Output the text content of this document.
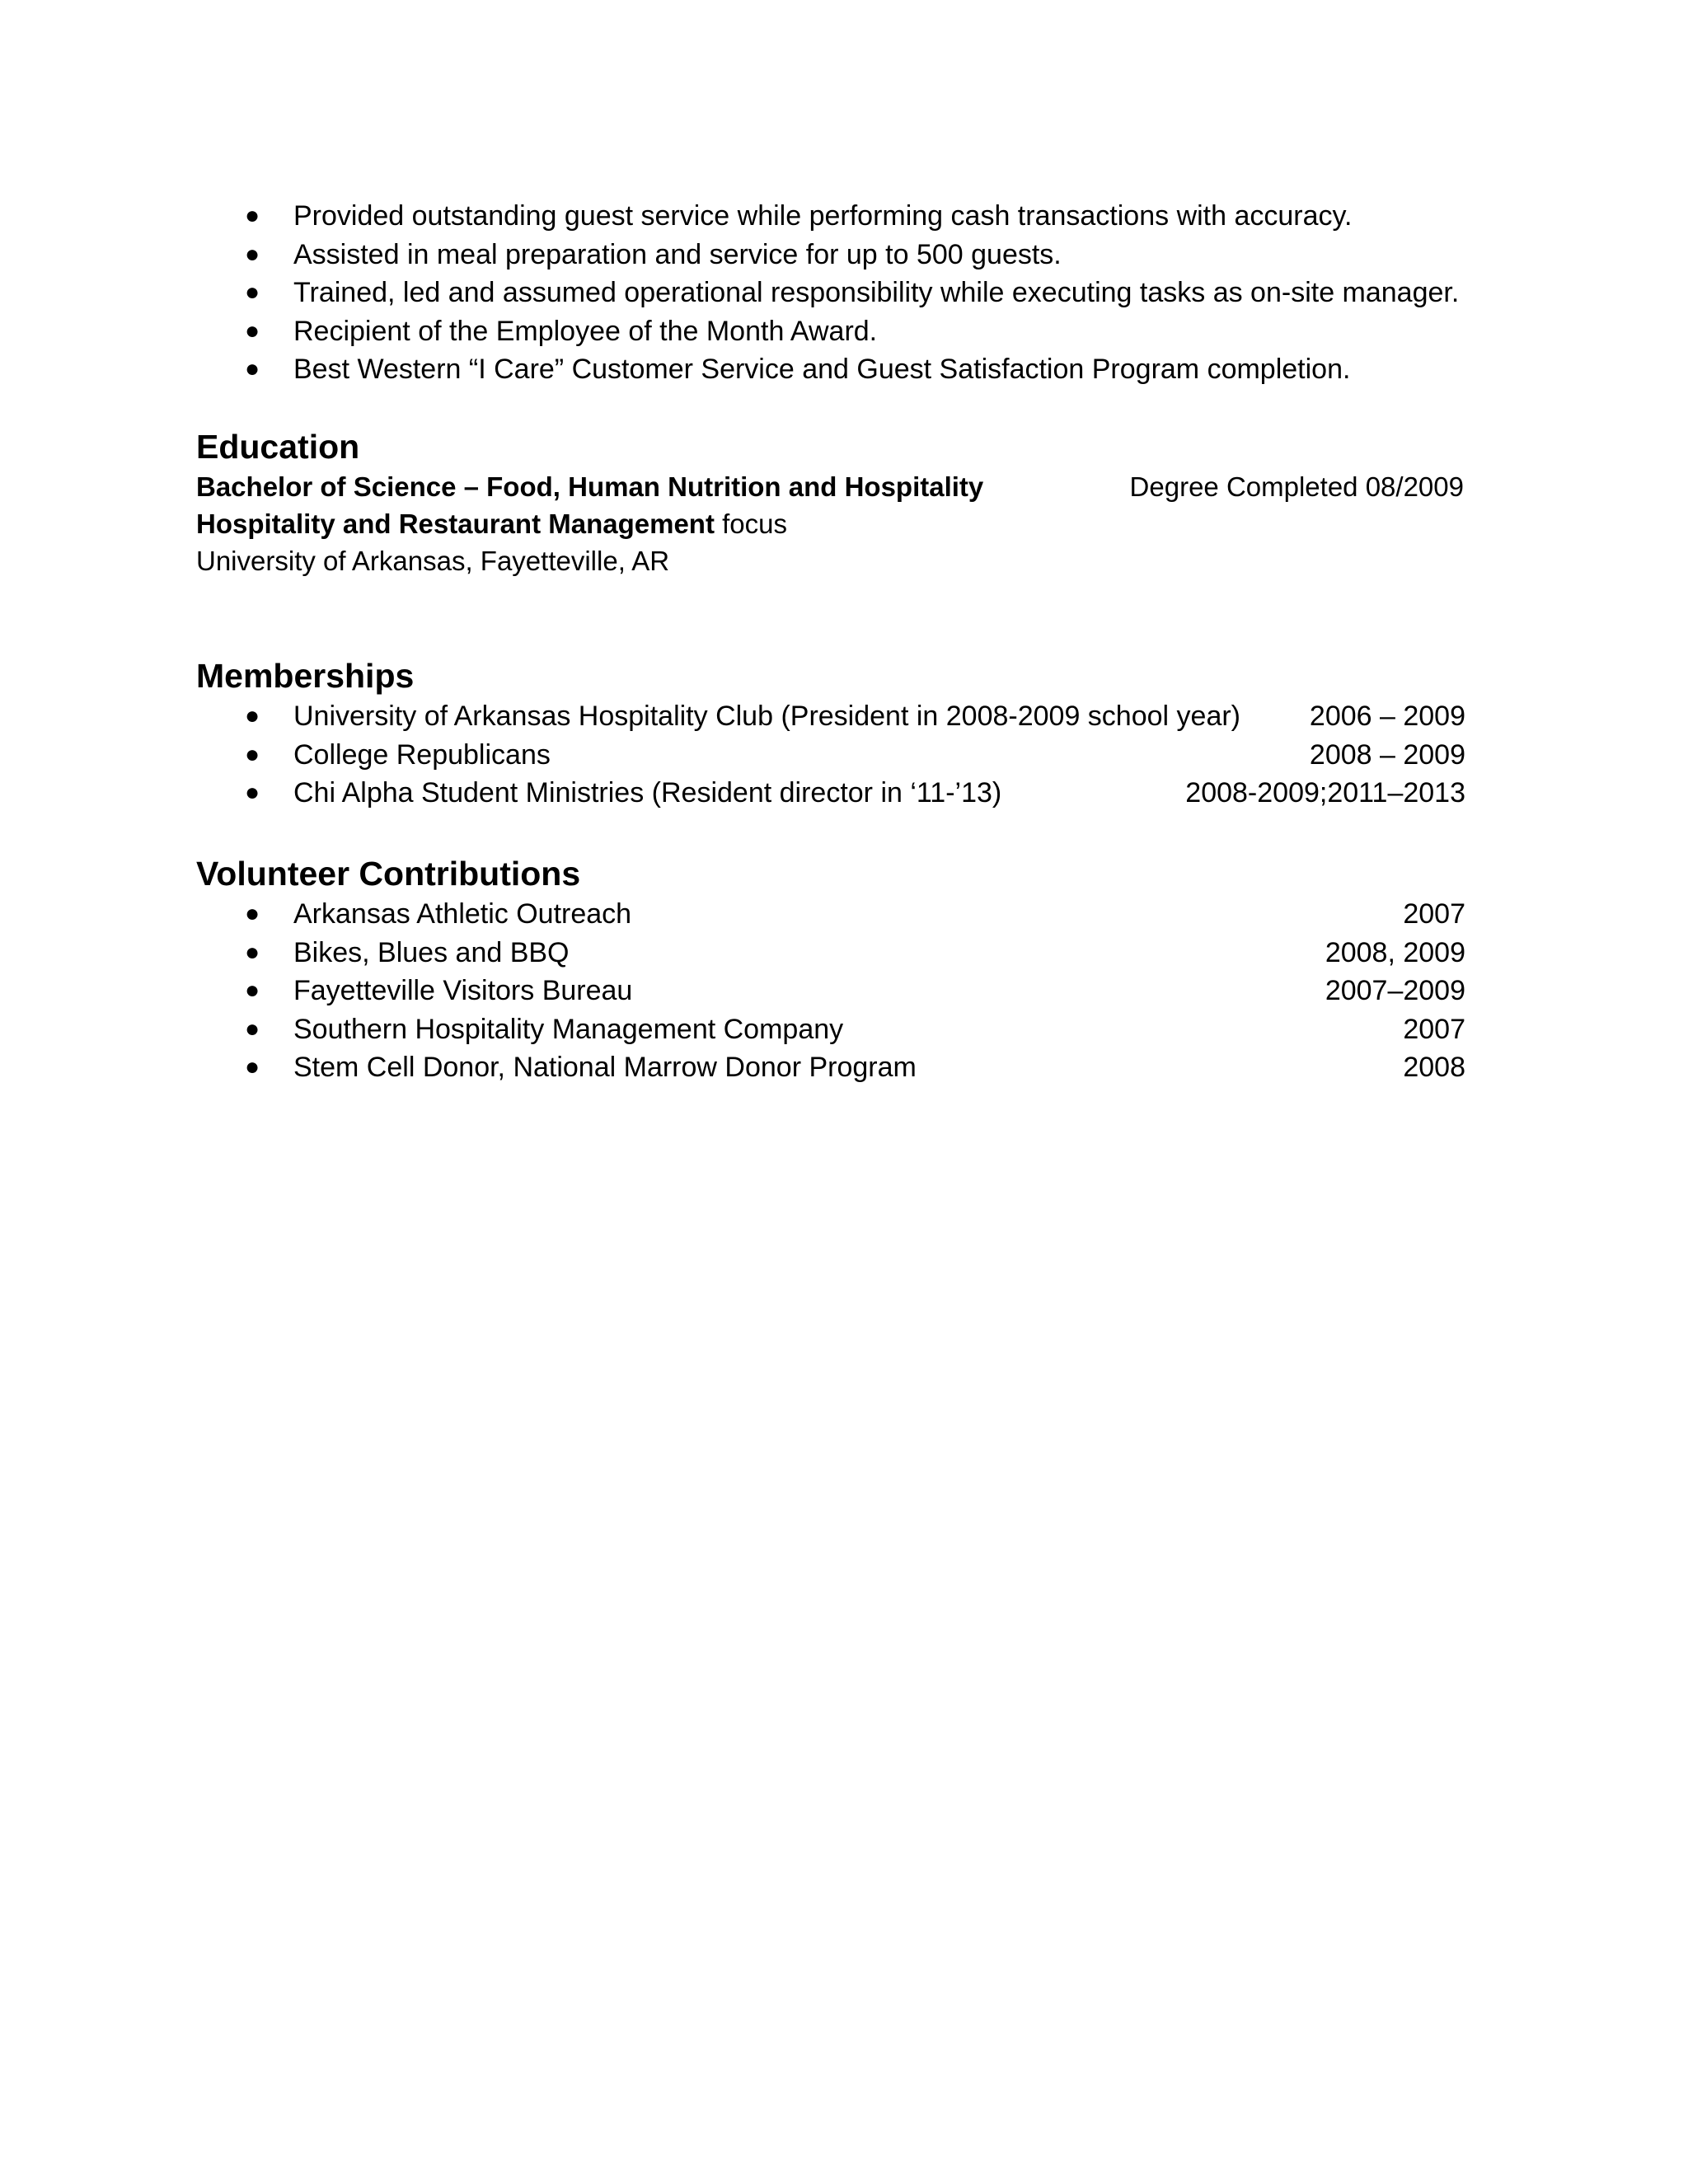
● Provided outstanding guest service while performing cash transactions with accuracy.
● Assisted in meal preparation and service for up to 500 guests.
● Trained, led and assumed operational responsibility while executing tasks as on-site manager.
● Recipient of the Employee of the Month Award.
● Best Western “I Care” Customer Service and Guest Satisfaction Program completion.
Education
Bachelor of Science – Food, Human Nutrition and Hospitality	Degree Completed 08/2009
Hospitality and Restaurant Management focus
University of Arkansas, Fayetteville, AR
Memberships
● University of Arkansas Hospitality Club (President in 2008-2009 school year) 2006 – 2009
● College Republicans	2008 – 2009
● Chi Alpha Student Ministries (Resident director in ‘11-’13)	2008-2009;2011–2013
Volunteer Contributions
● Arkansas Athletic Outreach	2007
● Bikes, Blues and BBQ	2008, 2009
● Fayetteville Visitors Bureau	2007–2009
● Southern Hospitality Management Company	2007
● Stem Cell Donor, National Marrow Donor Program	2008
